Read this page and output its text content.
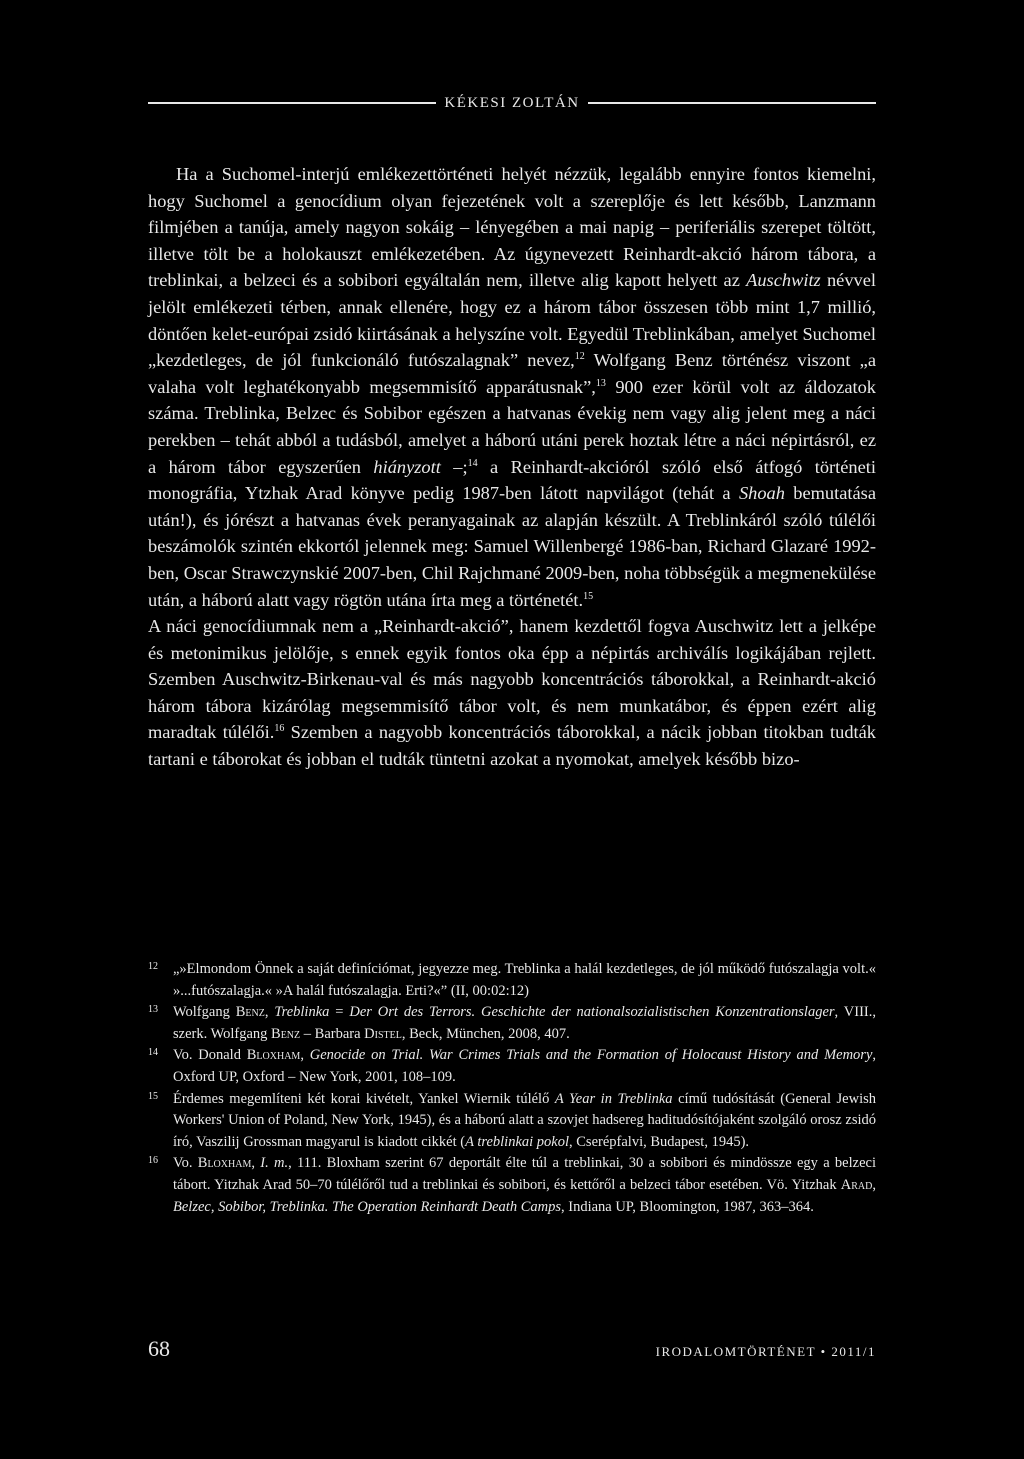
KÉKESI ZOLTÁN

Ha a Suchomel-interjú emlékezettörténeti helyét nézzük, legalább ennyire fontos kiemelni, hogy Suchomel a genocídium olyan fejezetének volt a szereplője és lett később, Lanzmann filmjében a tanúja, amely nagyon sokáig – lényegében a mai napig – periferiális szerepet töltött, illetve tölt be a holokauszt emlékezetében. Az úgynevezett Reinhardt-akció három tábora, a treblinkai, a belzeci és a sobibori egyáltalán nem, illetve alig kapott helyett az Auschwitz névvel jelölt emlékezeti térben, annak ellenére, hogy ez a három tábor összesen több mint 1,7 millió, döntően kelet-európai zsidó kiirtásának a helyszíne volt. Egyedül Treblinkában, amelyet Suchomel „kezdetleges, de jól funkcionáló futószalagnak” nevez,$^{12}$ Wolfgang Benz történész viszont „a valaha volt leghatékonyabb megsemmisítő apparátusnak”,$^{13}$ 900 ezer körül volt az áldozatok száma. Treblinka, Belzec és Sobibor egészen a hatvanas évekig nem vagy alig jelent meg a náci perekben – tehát abból a tudásból, amelyet a háború utáni perek hoztak létre a náci népirtásról, ez a három tábor egyszerűen hiányzott –;$^{14}$ a Reinhardt-akcióról szóló első átfogó történeti monográfia, Ytzhak Arad könyve pedig 1987-ben látott napvilágot (tehát a Shoah bemutatása után!), és jórészt a hatvanas évek peranyagainak az alapján készült. A Treblinkáról szóló túlélői beszámolók szintén ekkortól jelennek meg: Samuel Willenbergé 1986-ban, Richard Glazaré 1992-ben, Oscar Strawczynskié 2007-ben, Chil Rajchmané 2009-ben, noha többségük a megmenekülése után, a háború alatt vagy rögtön utána írta meg a történetét.$^{15}$

A náci genocídiumnak nem a „Reinhardt-akció”, hanem kezdettől fogva Auschwitz lett a jelképe és metonimikus jelölője, s ennek egyik fontos oka épp a népirtás archiválís logikájában rejlett. Szemben Auschwitz-Birkenau-val és más nagyobb koncentrációs táborokkal, a Reinhardt-akció három tábora kizárólag megsemmisítő tábor volt, és nem munkatábor, és éppen ezért alig maradtak túlélői.$^{16}$ Szemben a nagyobb koncentrációs táborokkal, a nácik jobban titokban tudták tartani e táborokat és jobban el tudták tüntetni azokat a nyomokat, amelyek később bizo-

12 „»Elmondom Önnek a saját definíciómat, jegyezze meg. Treblinka a halál kezdetleges, de jól működő futószalagja volt.« »...futószalagja.« »A halál futószalagja. Erti?«” (II, 00:02:12)
13 Wolfgang Benz, Treblinka = Der Ort des Terrors. Geschichte der nationalsozialistischen Konzentrationslager, VIII., szerk. Wolfgang Benz – Barbara Distel, Beck, München, 2008, 407.
14 Vo. Donald Bloxham, Genocide on Trial. War Crimes Trials and the Formation of Holocaust History and Memory, Oxford UP, Oxford – New York, 2001, 108–109.
15 Érdemes megemlíteni két korai kivételt, Yankel Wiernik túlélő A Year in Treblinka című tudósítását (General Jewish Workers' Union of Poland, New York, 1945), és a háború alatt a szovjet hadsereg haditudósítójaként szolgáló orosz zsidó író, Vaszilij Grossman magyarul is kiadott cikkét (A treblinkai pokol, Cserépfalvi, Budapest, 1945).
16 Vo. Bloxham, I. m., 111. Bloxham szerint 67 deportált élte túl a treblinkai, 30 a sobibori és mindösszе egy a belzeci tábort. Yitzhak Arad 50–70 túlélőről tud a treblinkai és sobibori, és kettőről a belzeci tábor esetében. Vö. Yitzhak Arad, Belzec, Sobibor, Treblinka. The Operation Reinhardt Death Camps, Indiana UP, Bloomington, 1987, 363–364.
68	IRODALOMTÖRTÉNET • 2011/1
